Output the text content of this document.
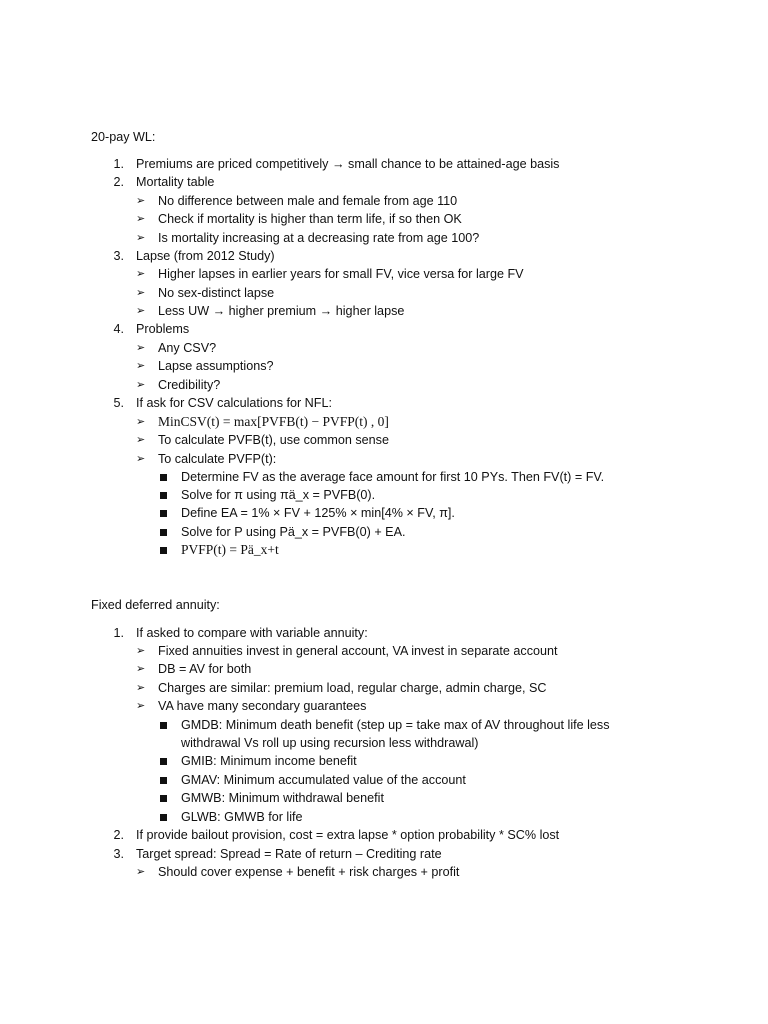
20-pay WL:
1. Premiums are priced competitively → small chance to be attained-age basis
2. Mortality table
➢ No difference between male and female from age 110
➢ Check if mortality is higher than term life, if so then OK
➢ Is mortality increasing at a decreasing rate from age 100?
3. Lapse (from 2012 Study)
➢ Higher lapses in earlier years for small FV, vice versa for large FV
➢ No sex-distinct lapse
➢ Less UW → higher premium → higher lapse
4. Problems
➢ Any CSV?
➢ Lapse assumptions?
➢ Credibility?
5. If ask for CSV calculations for NFL:
➢ MinCSV(t) = max[PVFB(t) − PVFP(t) , 0]
➢ To calculate PVFB(t), use common sense
➢ To calculate PVFP(t):
Determine FV as the average face amount for first 10 PYs. Then FV(t) = FV.
Solve for π using πä_x = PVFB(0).
Define EA = 1% × FV + 125% × min[4% × FV, π].
Solve for P using Pä_x = PVFB(0) + EA.
PVFP(t) = Pä_x+t
Fixed deferred annuity:
1. If asked to compare with variable annuity:
➢ Fixed annuities invest in general account, VA invest in separate account
➢ DB = AV for both
➢ Charges are similar: premium load, regular charge, admin charge, SC
➢ VA have many secondary guarantees
GMDB: Minimum death benefit (step up = take max of AV throughout life less
withdrawal Vs roll up using recursion less withdrawal)
GMIB: Minimum income benefit
GMAV: Minimum accumulated value of the account
GMWB: Minimum withdrawal benefit
GLWB: GMWB for life
2. If provide bailout provision, cost = extra lapse * option probability * SC% lost
3. Target spread: Spread = Rate of return – Crediting rate
➢ Should cover expense + benefit + risk charges + profit
